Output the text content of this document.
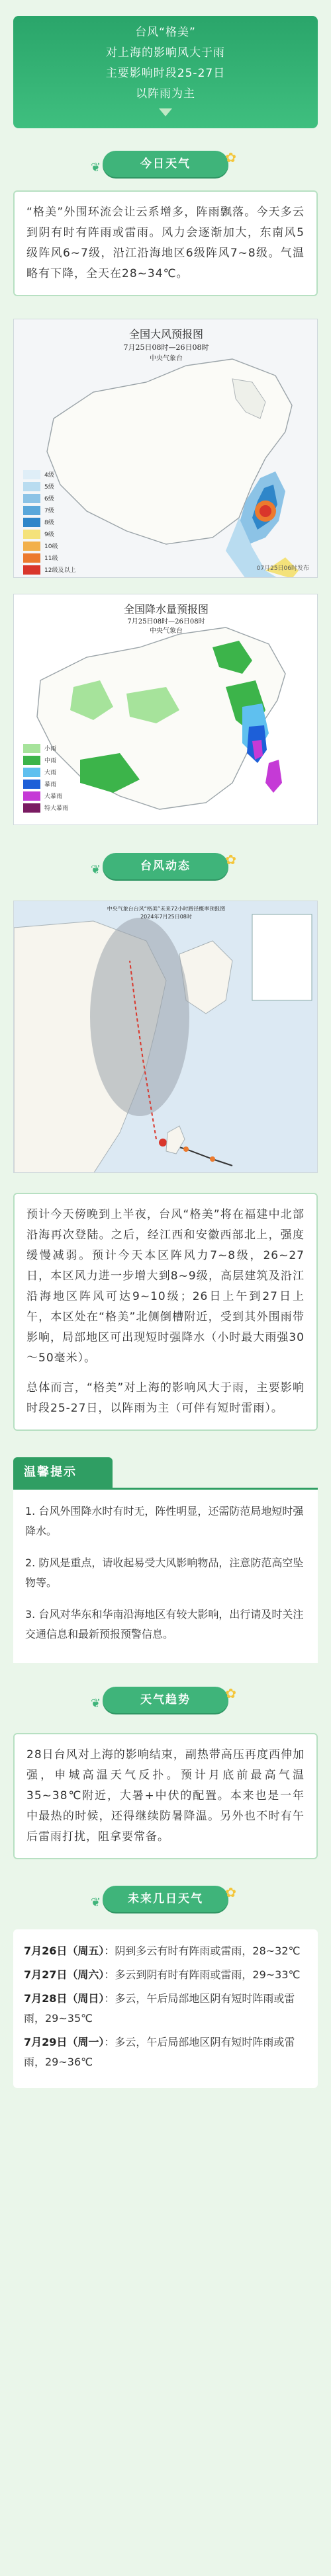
台风“格美”
对上海的影响风大于雨
主要影响时段25-27日
以阵雨为主
❦	今日天气	✿

“格美”外围环流会让云系增多，阵雨飘落。今天多云到阴有时有阵雨或雷雨。风力会逐渐加大，东南风5级阵风6~7级，沿江沿海地区6级阵风7~8级。气温略有下降，全天在28~34℃。

全国大风预报图
7月25日08时—26日08时
中央气象台
07月25日06时发布
4级
5级
6级
7级
8级
9级
10级
11级
12级及以上
全国降水量预报图
7月25日08时—26日08时
中央气象台
小雨
中雨
大雨
暴雨
大暴雨
特大暴雨
❦	台风动态	✿
中央气象台台风“格美”未来72小时路径概率预报图
2024年7月25日08时

预计今天傍晚到上半夜，台风“格美”将在福建中北部沿海再次登陆。之后，经江西和安徽西部北上，强度缓慢减弱。预计今天本区阵风力7~8级，26~27日，本区风力进一步增大到8~9级，高层建筑及沿江沿海地区阵风可达9~10级；26日上午到27日上午，本区处在“格美”北侧倒槽附近，受到其外围雨带影响，局部地区可出现短时强降水（小时最大雨强30～50毫米）。

总体而言，“格美”对上海的影响风大于雨，主要影响时段25-27日，以阵雨为主（可伴有短时雷雨）。

温馨提示

1. 台风外围降水时有时无，阵性明显，还需防范局地短时强降水。

2. 防风是重点，请收起易受大风影响物品，注意防范高空坠物等。

3. 台风对华东和华南沿海地区有较大影响，出行请及时关注交通信息和最新预报预警信息。

❦	天气趋势	✿

28日台风对上海的影响结束，副热带高压再度西伸加强，申城高温天气反扑。预计月底前最高气温35~38℃附近，大暑+中伏的配置。本来也是一年中最热的时候，还得继续防暑降温。另外也不时有午后雷雨打扰，阻拿要常备。

❦ 未来几日天气 ✿
7月26日（周五）：阴到多云有时有阵雨或雷雨，28~32℃
7月27日（周六）：多云到阴有时有阵雨或雷雨，29~33℃
7月28日（周日）：多云，午后局部地区阴有短时阵雨或雷雨，29~35℃
7月29日（周一）：多云，午后局部地区阴有短时阵雨或雷雨，29~36℃
